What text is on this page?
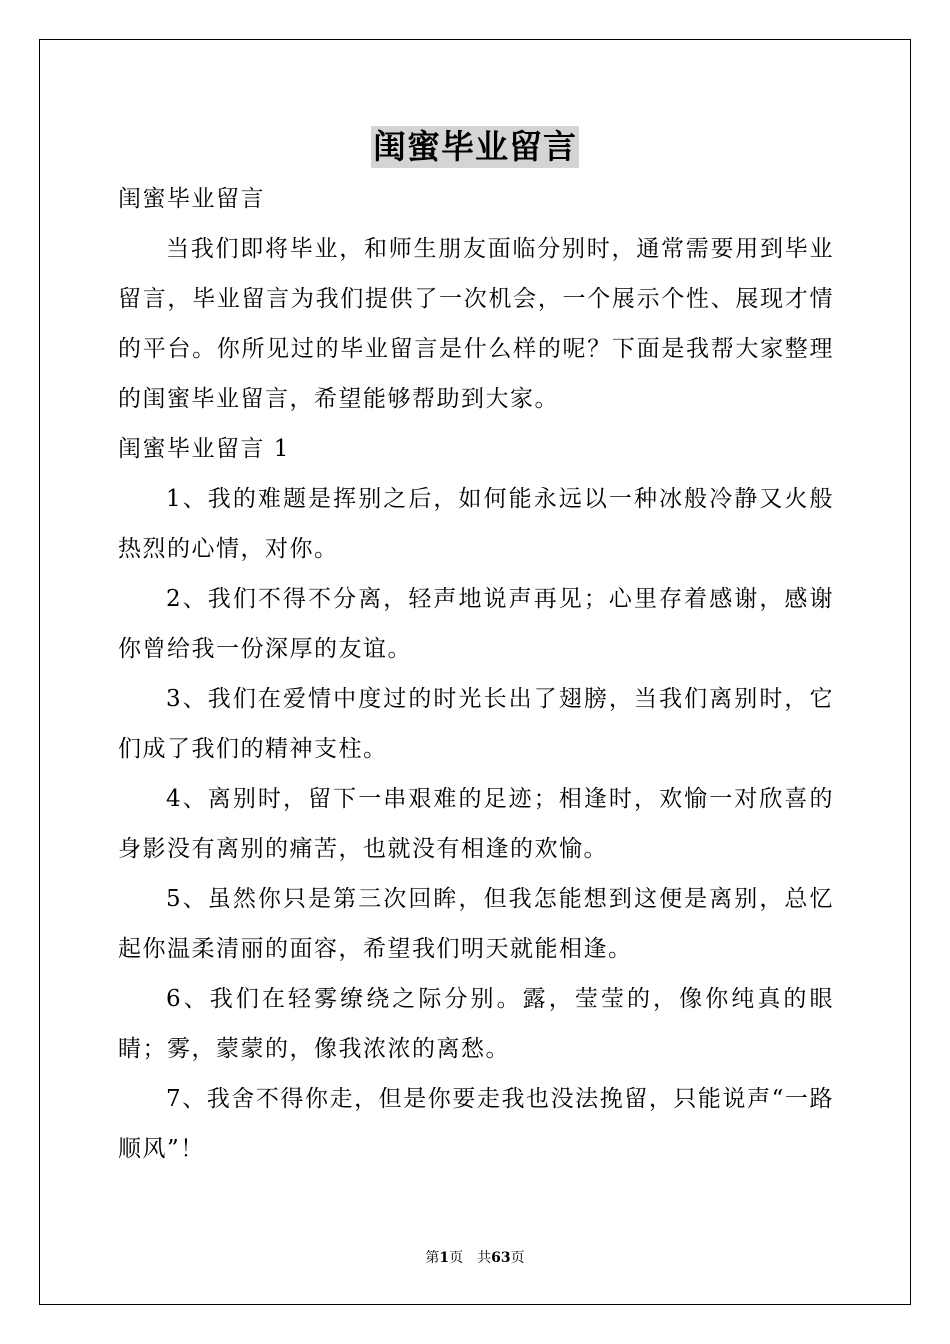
闺蜜毕业留言

闺蜜毕业留言

当我们即将毕业，和师生朋友面临分别时，通常需要用到毕业留言，毕业留言为我们提供了一次机会，一个展示个性、展现才情的平台。你所见过的毕业留言是什么样的呢？下面是我帮大家整理的闺蜜毕业留言，希望能够帮助到大家。

闺蜜毕业留言 1

1、我的难题是挥别之后，如何能永远以一种冰般冷静又火般热烈的心情，对你。

2、我们不得不分离，轻声地说声再见；心里存着感谢，感谢你曾给我一份深厚的友谊。

3、我们在爱情中度过的时光长出了翅膀，当我们离别时，它们成了我们的精神支柱。

4、离别时，留下一串艰难的足迹；相逢时，欢愉一对欣喜的身影没有离别的痛苦，也就没有相逢的欢愉。

5、虽然你只是第三次回眸，但我怎能想到这便是离别，总忆起你温柔清丽的面容，希望我们明天就能相逢。

6、我们在轻雾缭绕之际分别。露，莹莹的，像你纯真的眼睛；雾，蒙蒙的，像我浓浓的离愁。

7、我舍不得你走，但是你要走我也没法挽留，只能说声“一路顺风”！

第1页 共63页
